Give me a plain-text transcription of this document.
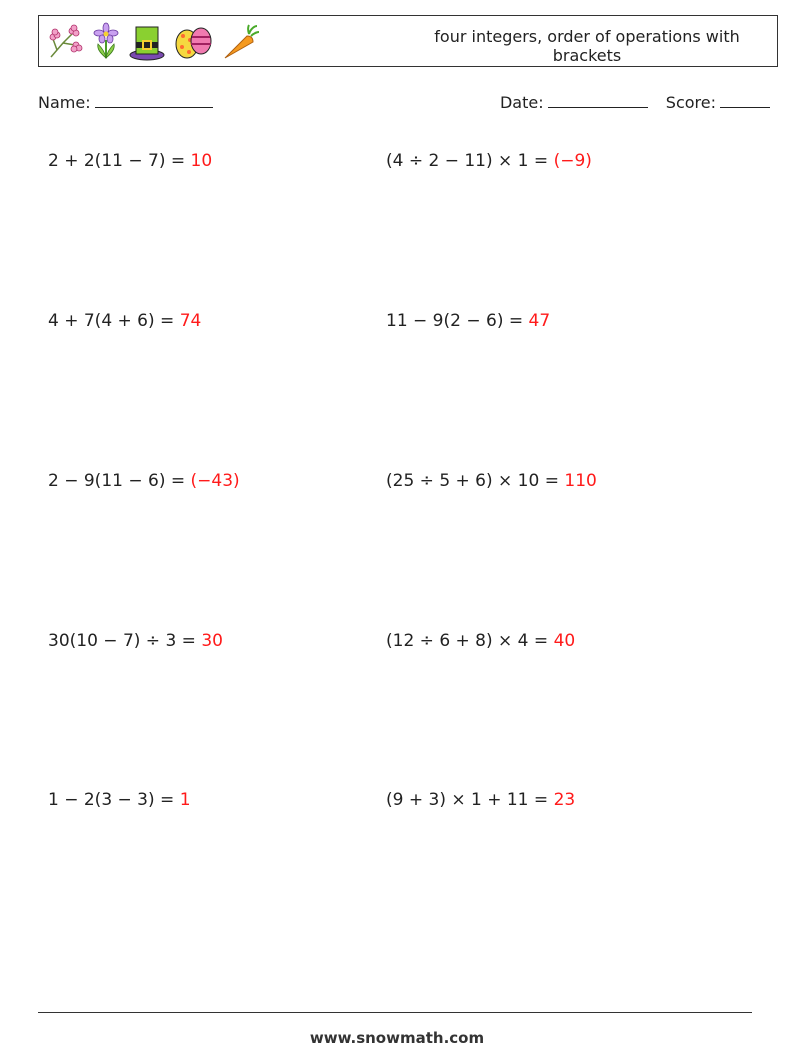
four integers, order of operations with brackets
Name:	Date:	Score:
2 + 2(11 − 7) = 10	(4 ÷ 2 − 11) × 1 = (−9)
4 + 7(4 + 6) = 74	11 − 9(2 − 6) = 47
2 − 9(11 − 6) = (−43)	(25 ÷ 5 + 6) × 10 = 110
30(10 − 7) ÷ 3 = 30	(12 ÷ 6 + 8) × 4 = 40
1 − 2(3 − 3) = 1	(9 + 3) × 1 + 11 = 23
www.snowmath.com
